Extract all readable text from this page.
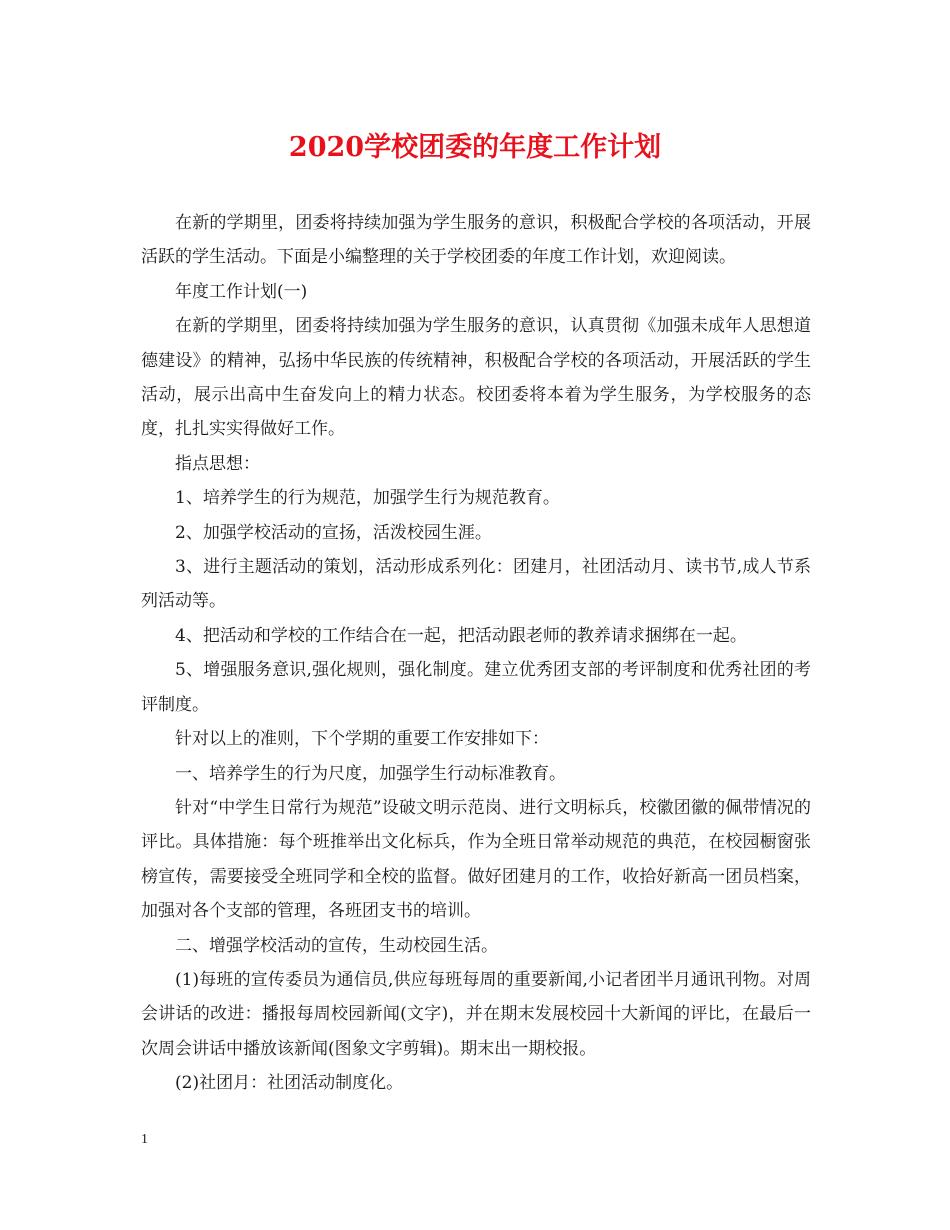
2020学校团委的年度工作计划

在新的学期里，团委将持续加强为学生服务的意识，积极配合学校的各项活动，开展活跃的学生活动。下面是小编整理的关于学校团委的年度工作计划，欢迎阅读。

年度工作计划(一)

在新的学期里，团委将持续加强为学生服务的意识，认真贯彻《加强未成年人思想道德建设》的精神，弘扬中华民族的传统精神，积极配合学校的各项活动，开展活跃的学生活动，展示出高中生奋发向上的精力状态。校团委将本着为学生服务，为学校服务的态度，扎扎实实得做好工作。

指点思想：

1、培养学生的行为规范，加强学生行为规范教育。

2、加强学校活动的宣扬，活泼校园生涯。

3、进行主题活动的策划，活动形成系列化：团建月，社团活动月、读书节,成人节系列活动等。

4、把活动和学校的工作结合在一起，把活动跟老师的教养请求捆绑在一起。

5、增强服务意识,强化规则，强化制度。建立优秀团支部的考评制度和优秀社团的考评制度。

针对以上的准则，下个学期的重要工作安排如下：

一、培养学生的行为尺度，加强学生行动标准教育。

针对“中学生日常行为规范”设破文明示范岗、进行文明标兵，校徽团徽的佩带情况的评比。具体措施：每个班推举出文化标兵，作为全班日常举动规范的典范，在校园橱窗张榜宣传，需要接受全班同学和全校的监督。做好团建月的工作，收拾好新高一团员档案，加强对各个支部的管理，各班团支书的培训。

二、增强学校活动的宣传，生动校园生活。

(1)每班的宣传委员为通信员,供应每班每周的重要新闻,小记者团半月通讯刊物。对周会讲话的改进：播报每周校园新闻(文字)，并在期末发展校园十大新闻的评比，在最后一次周会讲话中播放该新闻(图象文字剪辑)。期末出一期校报。

(2)社团月：社团活动制度化。

1
